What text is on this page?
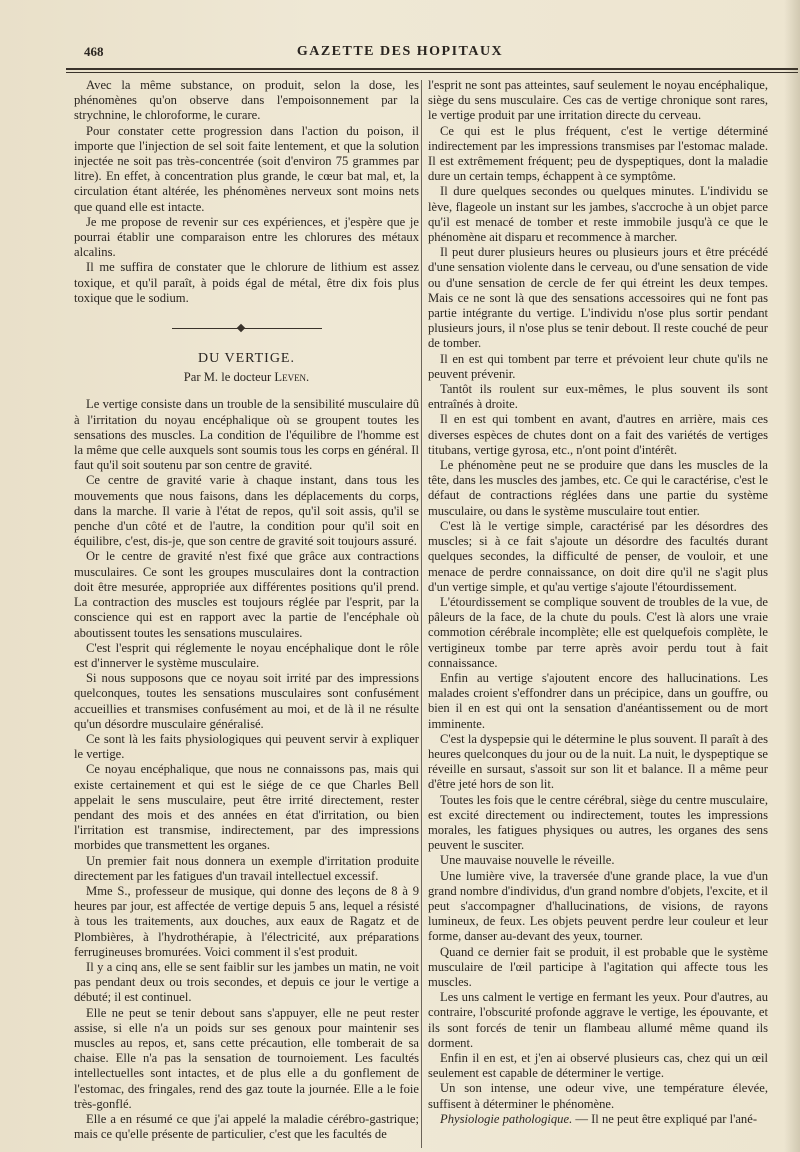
468	GAZETTE DES HOPITAUX

Avec la même substance, on produit, selon la dose, les phénomènes qu'on observe dans l'empoisonnement par la strychnine, le chloroforme, le curare.

Pour constater cette progression dans l'action du poison, il importe que l'injection de sel soit faite lentement, et que la solution injectée ne soit pas très-concentrée (soit d'environ 75 grammes par litre). En effet, à concentration plus grande, le cœur bat mal, et, la circulation étant altérée, les phénomènes nerveux sont moins nets que quand elle est intacte.

Je me propose de revenir sur ces expériences, et j'espère que je pourrai établir une comparaison entre les chlorures des métaux alcalins.

Il me suffira de constater que le chlorure de lithium est assez toxique, et qu'il paraît, à poids égal de métal, être dix fois plus toxique que le sodium.

DU VERTIGE.
Par M. le docteur Leven.

Le vertige consiste dans un trouble de la sensibilité musculaire dû à l'irritation du noyau encéphalique où se groupent toutes les sensations des muscles. La condition de l'équilibre de l'homme est la même que celle auxquels sont soumis tous les corps en général. Il faut qu'il soit soutenu par son centre de gravité.

Ce centre de gravité varie à chaque instant, dans tous les mouvements que nous faisons, dans les déplacements du corps, dans la marche. Il varie à l'état de repos, qu'il soit assis, qu'il se penche d'un côté et de l'autre, la condition pour qu'il soit en équilibre, c'est, dis-je, que son centre de gravité soit toujours assuré.

Or le centre de gravité n'est fixé que grâce aux contractions musculaires. Ce sont les groupes musculaires dont la contraction doit être mesurée, appropriée aux différentes positions qu'il prend. La contraction des muscles est toujours réglée par l'esprit, par la conscience qui est en rapport avec la partie de l'encéphale où aboutissent toutes les sensations musculaires.

C'est l'esprit qui réglemente le noyau encéphalique dont le rôle est d'innerver le système musculaire.

Si nous supposons que ce noyau soit irrité par des impressions quelconques, toutes les sensations musculaires sont confusément accueillies et transmises confusément au moi, et de là il ne résulte qu'un désordre musculaire généralisé.

Ce sont là les faits physiologiques qui peuvent servir à expliquer le vertige.

Ce noyau encéphalique, que nous ne connaissons pas, mais qui existe certainement et qui est le siége de ce que Charles Bell appelait le sens musculaire, peut être irrité directement, rester pendant des mois et des années en état d'irritation, ou bien l'irritation est transmise, indirectement, par des impressions morbides que transmettent les organes.

Un premier fait nous donnera un exemple d'irritation produite directement par les fatigues d'un travail intellectuel excessif.

Mme S., professeur de musique, qui donne des leçons de 8 à 9 heures par jour, est affectée de vertige depuis 5 ans, lequel a résisté à tous les traitements, aux douches, aux eaux de Ragatz et de Plombières, à l'hydrothérapie, à l'électricité, aux préparations ferrugineuses bromurées. Voici comment il s'est produit.

Il y a cinq ans, elle se sent faiblir sur les jambes un matin, ne voit pas pendant deux ou trois secondes, et depuis ce jour le vertige a débuté; il est continuel.

Elle ne peut se tenir debout sans s'appuyer, elle ne peut rester assise, si elle n'a un poids sur ses genoux pour maintenir ses muscles au repos, et, sans cette précaution, elle tomberait de sa chaise. Elle n'a pas la sensation de tournoiement. Les facultés intellectuelles sont intactes, et de plus elle a du gonflement de l'estomac, des fringales, rend des gaz toute la journée. Elle a le foie très-gonflé.

Elle a en résumé ce que j'ai appelé la maladie cérébro-gastrique; mais ce qu'elle présente de particulier, c'est que les facultés de

l'esprit ne sont pas atteintes, sauf seulement le noyau encéphalique, siège du sens musculaire. Ces cas de vertige chronique sont rares, le vertige produit par une irritation directe du cerveau.

Ce qui est le plus fréquent, c'est le vertige déterminé indirectement par les impressions transmises par l'estomac malade. Il est extrêmement fréquent; peu de dyspeptiques, dont la maladie dure un certain temps, échappent à ce symptôme.

Il dure quelques secondes ou quelques minutes. L'individu se lève, flageole un instant sur les jambes, s'accroche à un objet parce qu'il est menacé de tomber et reste immobile jusqu'à ce que le phénomène ait disparu et recommence à marcher.

Il peut durer plusieurs heures ou plusieurs jours et être précédé d'une sensation violente dans le cerveau, ou d'une sensation de vide ou d'une sensation de cercle de fer qui étreint les deux tempes. Mais ce ne sont là que des sensations accessoires qui ne font pas partie intégrante du vertige. L'individu n'ose plus sortir pendant plusieurs jours, il n'ose plus se tenir debout. Il reste couché de peur de tomber.

Il en est qui tombent par terre et prévoient leur chute qu'ils ne peuvent prévenir.

Tantôt ils roulent sur eux-mêmes, le plus souvent ils sont entraînés à droite.

Il en est qui tombent en avant, d'autres en arrière, mais ces diverses espèces de chutes dont on a fait des variétés de vertiges titubans, vertige gyrosa, etc., n'ont point d'intérêt.

Le phénomène peut ne se produire que dans les muscles de la tête, dans les muscles des jambes, etc. Ce qui le caractérise, c'est le défaut de contractions réglées dans une partie du système musculaire, ou dans le système musculaire tout entier.

C'est là le vertige simple, caractérisé par les désordres des muscles; si à ce fait s'ajoute un désordre des facultés durant quelques secondes, la difficulté de penser, de vouloir, et une menace de perdre connaissance, on doit dire qu'il ne s'agit plus d'un vertige simple, et qu'au vertige s'ajoute l'étourdissement.

L'étourdissement se complique souvent de troubles de la vue, de pâleurs de la face, de la chute du pouls. C'est là alors une vraie commotion cérébrale incomplète; elle est quelquefois complète, le vertigineux tombe par terre après avoir perdu tout à fait connaissance.

Enfin au vertige s'ajoutent encore des hallucinations. Les malades croient s'effondrer dans un précipice, dans un gouffre, ou bien il en est qui ont la sensation d'anéantissement ou de mort imminente.

C'est la dyspepsie qui le détermine le plus souvent. Il paraît à des heures quelconques du jour ou de la nuit. La nuit, le dyspeptique se réveille en sursaut, s'assoit sur son lit et balance. Il a même peur d'être jeté hors de son lit.

Toutes les fois que le centre cérébral, siège du centre musculaire, est excité directement ou indirectement, toutes les impressions morales, les fatigues physiques ou autres, les organes des sens peuvent le susciter.

Une mauvaise nouvelle le réveille.

Une lumière vive, la traversée d'une grande place, la vue d'un grand nombre d'individus, d'un grand nombre d'objets, l'excite, et il peut s'accompagner d'hallucinations, de visions, de rayons lumineux, de feux. Les objets peuvent perdre leur couleur et leur forme, danser au-devant des yeux, tourner.

Quand ce dernier fait se produit, il est probable que le système musculaire de l'œil participe à l'agitation qui affecte tous les muscles.

Les uns calment le vertige en fermant les yeux. Pour d'autres, au contraire, l'obscurité profonde aggrave le vertige, les épouvante, et ils sont forcés de tenir un flambeau allumé même quand ils dorment.

Enfin il en est, et j'en ai observé plusieurs cas, chez qui un œil seulement est capable de déterminer le vertige.

Un son intense, une odeur vive, une température élevée, suffisent à déterminer le phénomène.

Physiologie pathologique. — Il ne peut être expliqué par l'ané-
